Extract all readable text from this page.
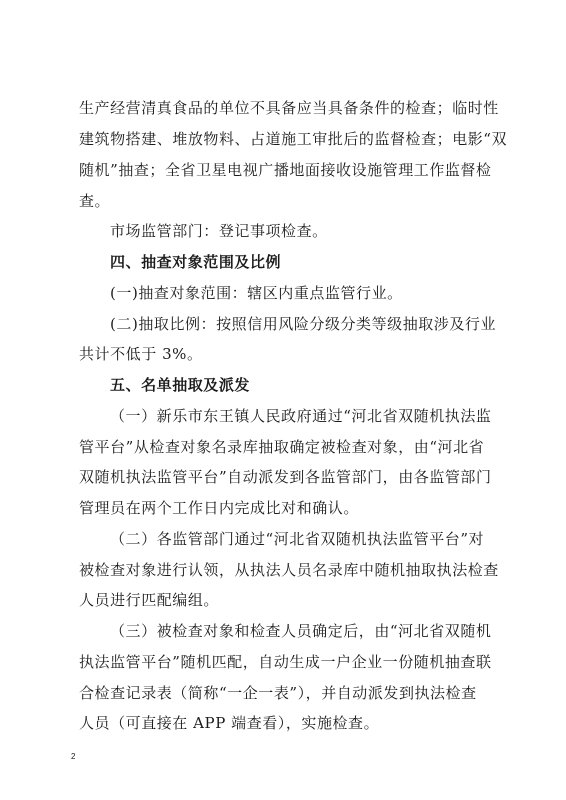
生产经营清真食品的单位不具备应当具备条件的检查；临时性
建筑物搭建、堆放物料、占道施工审批后的监督检查；电影“双
随机”抽查；全省卫星电视广播地面接收设施管理工作监督检
查。
市场监管部门：登记事项检查。
四、抽查对象范围及比例
(一)抽查对象范围：辖区内重点监管行业。
(二)抽取比例：按照信用风险分级分类等级抽取涉及行业
共计不低于 3%。
五、名单抽取及派发
（一）新乐市东王镇人民政府通过“河北省双随机执法监
管平台”从检查对象名录库抽取确定被检查对象，由“河北省
双随机执法监管平台”自动派发到各监管部门，由各监管部门
管理员在两个工作日内完成比对和确认。
（二）各监管部门通过“河北省双随机执法监管平台”对
被检查对象进行认领，从执法人员名录库中随机抽取执法检查
人员进行匹配编组。
（三）被检查对象和检查人员确定后，由“河北省双随机
执法监管平台”随机匹配，自动生成一户企业一份随机抽查联
合检查记录表（简称“一企一表”），并自动派发到执法检查
人员（可直接在 APP 端查看），实施检查。
2
